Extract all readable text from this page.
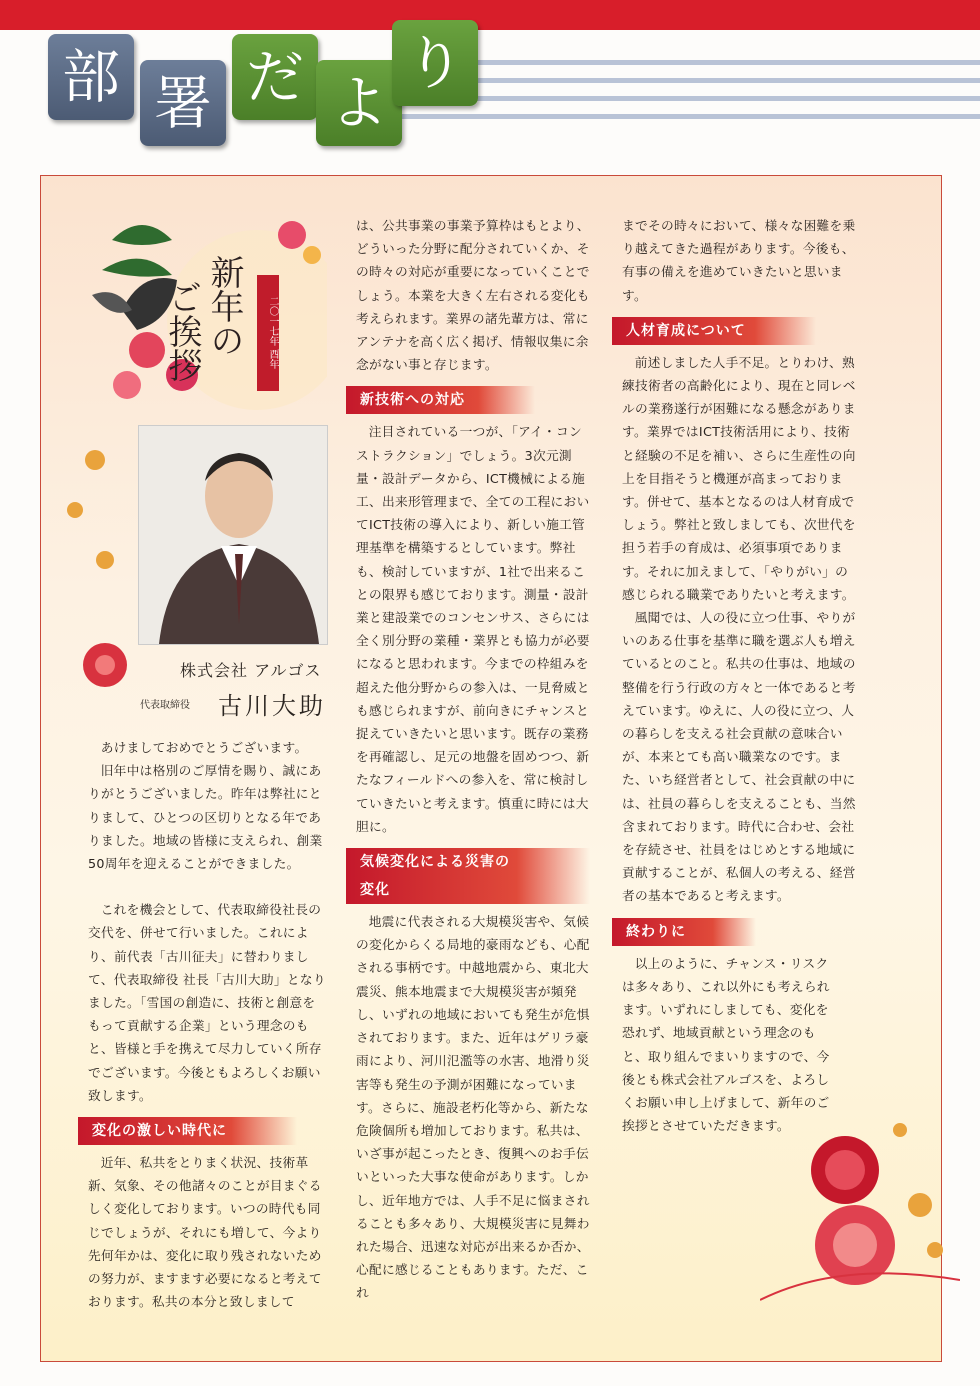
部 署 だ よ
り
二〇一七年 酉年
新年の
ご挨拶
株式会社 アルゴス
代表取締役 古川大助

あけましておめでとうございます。

旧年中は格別のご厚情を賜り、誠にありがとうございました。昨年は弊社にとりまして、ひとつの区切りとなる年でありました。地域の皆様に支えられ、創業50周年を迎えることができました。

これを機会として、代表取締役社長の交代を、併せて行いました。これにより、前代表「古川征夫」に替わりまして、代表取締役 社長「古川大助」となりました。「雪国の創造に、技術と創意をもって貢献する企業」という理念のもと、皆様と手を携えて尽力していく所存でございます。今後ともよろしくお願い致します。

変化の激しい時代に

近年、私共をとりまく状況、技術革新、気象、その他諸々のことが目まぐるしく変化しております。いつの時代も同じでしょうが、それにも増して、今より先何年かは、変化に取り残されないための努力が、ますます必要になると考えております。私共の本分と致しまして

は、公共事業の事業予算枠はもとより、どういった分野に配分されていくか、その時々の対応が重要になっていくことでしょう。本業を大きく左右される変化も考えられます。業界の諸先輩方は、常にアンテナを高く広く掲げ、情報収集に余念がない事と存じます。

新技術への対応

注目されている一つが、「アイ・コンストラクション」でしょう。3次元測量・設計データから、ICT機械による施工、出来形管理まで、全ての工程においてICT技術の導入により、新しい施工管理基準を構築するとしています。弊社も、検討していますが、1社で出来ることの限界も感じております。測量・設計業と建設業でのコンセンサス、さらには全く別分野の業種・業界とも協力が必要になると思われます。今までの枠組みを超えた他分野からの参入は、一見脅威とも感じられますが、前向きにチャンスと捉えていきたいと思います。既存の業務を再確認し、足元の地盤を固めつつ、新たなフィールドへの参入を、常に検討していきたいと考えます。慎重に時には大胆に。

気候変化による災害の変化

地震に代表される大規模災害や、気候の変化からくる局地的豪雨なども、心配される事柄です。中越地震から、東北大震災、熊本地震まで大規模災害が頻発し、いずれの地域においても発生が危惧されております。また、近年はゲリラ豪雨により、河川氾濫等の水害、地滑り災害等も発生の予測が困難になっています。さらに、施設老朽化等から、新たな危険個所も増加しております。私共は、いざ事が起こったとき、復興へのお手伝いといった大事な使命があります。しかし、近年地方では、人手不足に悩まされることも多々あり、大規模災害に見舞われた場合、迅速な対応が出来るか否か、心配に感じることもあります。ただ、これ

までその時々において、様々な困難を乗り越えてきた過程があります。今後も、有事の備えを進めていきたいと思います。

人材育成について

前述しました人手不足。とりわけ、熟練技術者の高齢化により、現在と同レベルの業務遂行が困難になる懸念があります。業界ではICT技術活用により、技術と経験の不足を補い、さらに生産性の向上を目指そうと機運が高まっております。併せて、基本となるのは人材育成でしょう。弊社と致しましても、次世代を担う若手の育成は、必須事項であります。それに加えまして、「やりがい」の感じられる職業でありたいと考えます。

風聞では、人の役に立つ仕事、やりがいのある仕事を基準に職を選ぶ人も増えているとのこと。私共の仕事は、地域の整備を行う行政の方々と一体であると考えています。ゆえに、人の役に立つ、人の暮らしを支える社会貢献の意味合いが、本来とても高い職業なのです。また、いち経営者として、社会貢献の中には、社員の暮らしを支えることも、当然含まれております。時代に合わせ、会社を存続させ、社員をはじめとする地域に貢献することが、私個人の考える、経営者の基本であると考えます。

終わりに

以上のように、チャンス・リスクは多々あり、これ以外にも考えられます。いずれにしましても、変化を恐れず、地域貢献という理念のもと、取り組んでまいりますので、今後とも株式会社アルゴスを、よろしくお願い申し上げまして、新年のご挨拶とさせていただきます。
